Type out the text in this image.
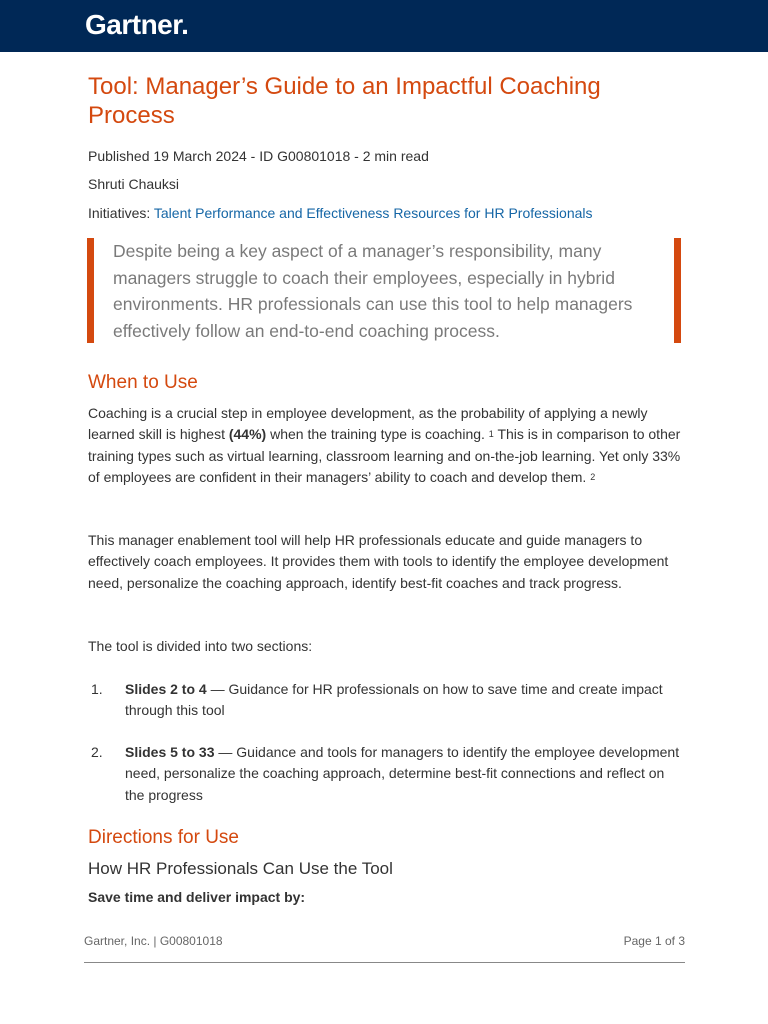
Gartner.
Tool: Manager’s Guide to an Impactful Coaching Process
Published 19 March 2024 - ID G00801018 - 2 min read
Shruti Chauksi
Initiatives: Talent Performance and Effectiveness Resources for HR Professionals
Despite being a key aspect of a manager’s responsibility, many managers struggle to coach their employees, especially in hybrid environments. HR professionals can use this tool to help managers effectively follow an end-to-end coaching process.
When to Use
Coaching is a crucial step in employee development, as the probability of applying a newly learned skill is highest (44%) when the training type is coaching. $^1$ This is in comparison to other training types such as virtual learning, classroom learning and on-the-job learning. Yet only 33% of employees are confident in their managers’ ability to coach and develop them. $^2$
This manager enablement tool will help HR professionals educate and guide managers to effectively coach employees. It provides them with tools to identify the employee development need, personalize the coaching approach, identify best-fit coaches and track progress.
The tool is divided into two sections:
1. Slides 2 to 4 — Guidance for HR professionals on how to save time and create impact through this tool
2. Slides 5 to 33 — Guidance and tools for managers to identify the employee development need, personalize the coaching approach, determine best-fit connections and reflect on the progress
Directions for Use
How HR Professionals Can Use the Tool
Save time and deliver impact by:
Gartner, Inc. | G00801018	Page 1 of 3
